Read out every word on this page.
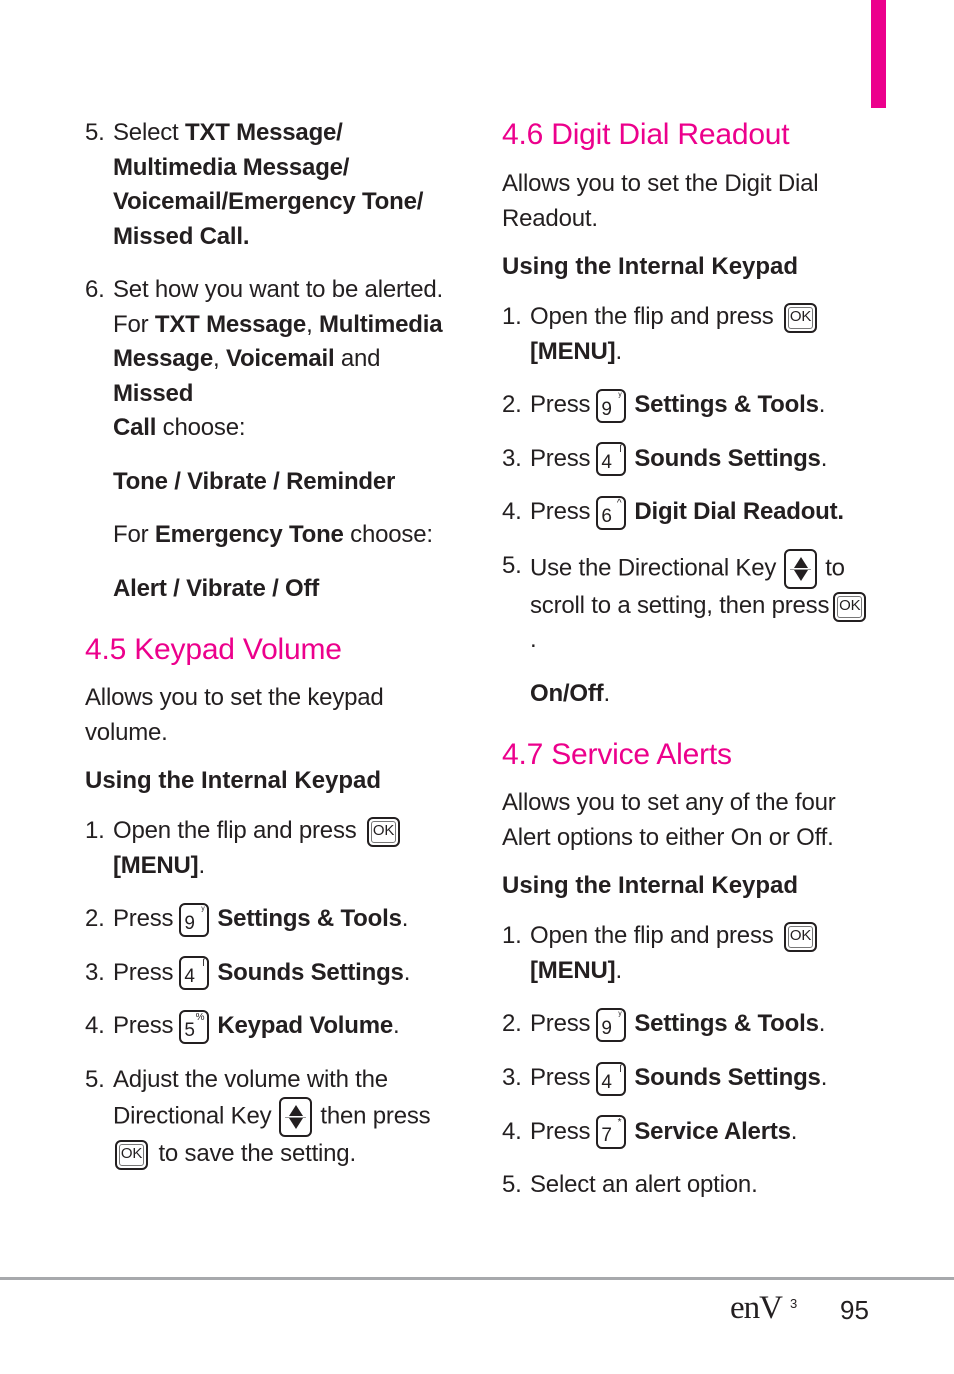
5. Select TXT Message/
Multimedia Message/
Voicemail/Emergency Tone/
Missed Call.
6. Set how you want to be alerted.
For TXT Message, Multimedia
Message, Voicemail and Missed
Call choose:
Tone / Vibrate / Reminder
For Emergency Tone choose:
Alert / Vibrate / Off
4.5 Keypad Volume
Allows you to set the keypad
volume.
Using the Internal Keypad
1. Open the flip and press OK
[MENU].
2. Press 9
ʸ Settings & Tools.
3. Press 4
ſ Sounds Settings.
4. Press 5
% Keypad Volume.
5. Adjust the volume with the
Directional Key then press
OK to save the setting.
4.6 Digit Dial Readout
Allows you to set the Digit Dial
Readout.
Using the Internal Keypad
1. Open the flip and press OK
[MENU].
2. Press 9
ʸ Settings & Tools.
3. Press 4
ſ Sounds Settings.
4. Press 6
^ Digit Dial Readout.
5. Use the Directional Key to
scroll to a setting, then press OK.
On/Off.
4.7 Service Alerts
Allows you to set any of the four
Alert options to either On or Off.
Using the Internal Keypad
1. Open the flip and press OK
[MENU].
2. Press 9
ʸ Settings & Tools.
3. Press 4
ſ Sounds Settings.
4. Press 7
* Service Alerts.
5. Select an alert option.
enV 3 95
